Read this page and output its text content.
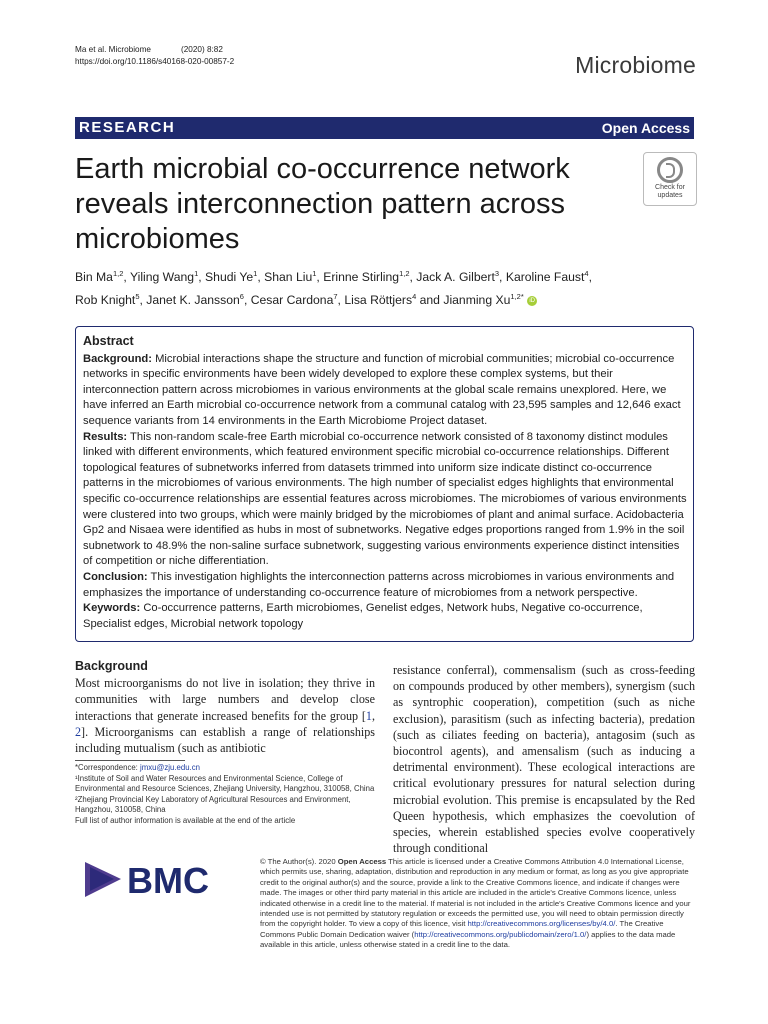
Ma et al. Microbiome	(2020) 8:82
https://doi.org/10.1186/s40168-020-00857-2	Microbiome
RESEARCH	Open Access
Earth microbial co-occurrence network reveals interconnection pattern across microbiomes
Check for
updates
Bin Ma$^{1,2}$, Yiling Wang$^1$, Shudi Ye$^1$, Shan Liu$^1$, Erinne Stirling$^{1,2}$, Jack A. Gilbert$^3$, Karoline Faust$^4$,
Rob Knight$^5$, Janet K. Jansson$^6$, Cesar Cardona$^7$, Lisa Röttjers$^4$ and Jianming $Xu^{1,2*}$ iD
Abstract

Background: Microbial interactions shape the structure and function of microbial communities; microbial co-occurrence networks in specific environments have been widely developed to explore these complex systems, but their interconnection pattern across microbiomes in various environments at the global scale remains unexplored. Here, we have inferred an Earth microbial co-occurrence network from a communal catalog with 23,595 samples and 12,646 exact sequence variants from 14 environments in the Earth Microbiome Project dataset.

Results: This non-random scale-free Earth microbial co-occurrence network consisted of 8 taxonomy distinct modules linked with different environments, which featured environment specific microbial co-occurrence relationships. Different topological features of subnetworks inferred from datasets trimmed into uniform size indicate distinct co-occurrence patterns in the microbiomes of various environments. The high number of specialist edges highlights that environmental specific co-occurrence relationships are essential features across microbiomes. The microbiomes of various environments were clustered into two groups, which were mainly bridged by the microbiomes of plant and animal surface. Acidobacteria Gp2 and Nisaea were identified as hubs in most of subnetworks. Negative edges proportions ranged from 1.9% in the soil subnetwork to 48.9% the non-saline surface subnetwork, suggesting various environments experience distinct intensities of competition or niche differentiation.

Conclusion: This investigation highlights the interconnection patterns across microbiomes in various environments and emphasizes the importance of understanding co-occurrence feature of microbiomes from a network perspective.

Keywords: Co-occurrence patterns, Earth microbiomes, Genelist edges, Network hubs, Negative co-occurrence, Specialist edges, Microbial network topology

Background

Most microorganisms do not live in isolation; they thrive in communities with large numbers and develop close interactions that generate increased benefits for the group [1, 2]. Microorganisms can establish a range of relationships including mutualism (such as antibiotic

resistance conferral), commensalism (such as cross-feeding on compounds produced by other members), synergism (such as syntrophic cooperation), competition (such as niche exclusion), parasitism (such as infecting bacteria), predation (such as ciliates feeding on bacteria), antagosim (such as biocontrol agents), and amensalism (such as inducing a detrimental environment). These ecological interactions are critical evolutionary pressures for natural selection during microbial evolution. This premise is encapsulated by the Red Queen hypothesis, which emphasizes the coevolution of species, wherein established species evolve cooperatively through conditional

*Correspondence: jmxu@zju.edu.cn
¹Institute of Soil and Water Resources and Environmental Science, College of Environmental and Resource Sciences, Zhejiang University, Hangzhou, 310058, China
²Zhejiang Provincial Key Laboratory of Agricultural Resources and Environment, Hangzhou, 310058, China
Full list of author information is available at the end of the article
BMC	© The Author(s). 2020 Open Access This article is licensed under a Creative Commons Attribution 4.0 International License, which permits use, sharing, adaptation, distribution and reproduction in any medium or format, as long as you give appropriate credit to the original author(s) and the source, provide a link to the Creative Commons licence, and indicate if changes were made. The images or other third party material in this article are included in the article's Creative Commons licence, unless indicated otherwise in a credit line to the material. If material is not included in the article's Creative Commons licence and your intended use is not permitted by statutory regulation or exceeds the permitted use, you will need to obtain permission directly from the copyright holder. To view a copy of this licence, visit http://creativecommons.org/licenses/by/4.0/. The Creative Commons Public Domain Dedication waiver (http://creativecommons.org/publicdomain/zero/1.0/) applies to the data made available in this article, unless otherwise stated in a credit line to the data.
